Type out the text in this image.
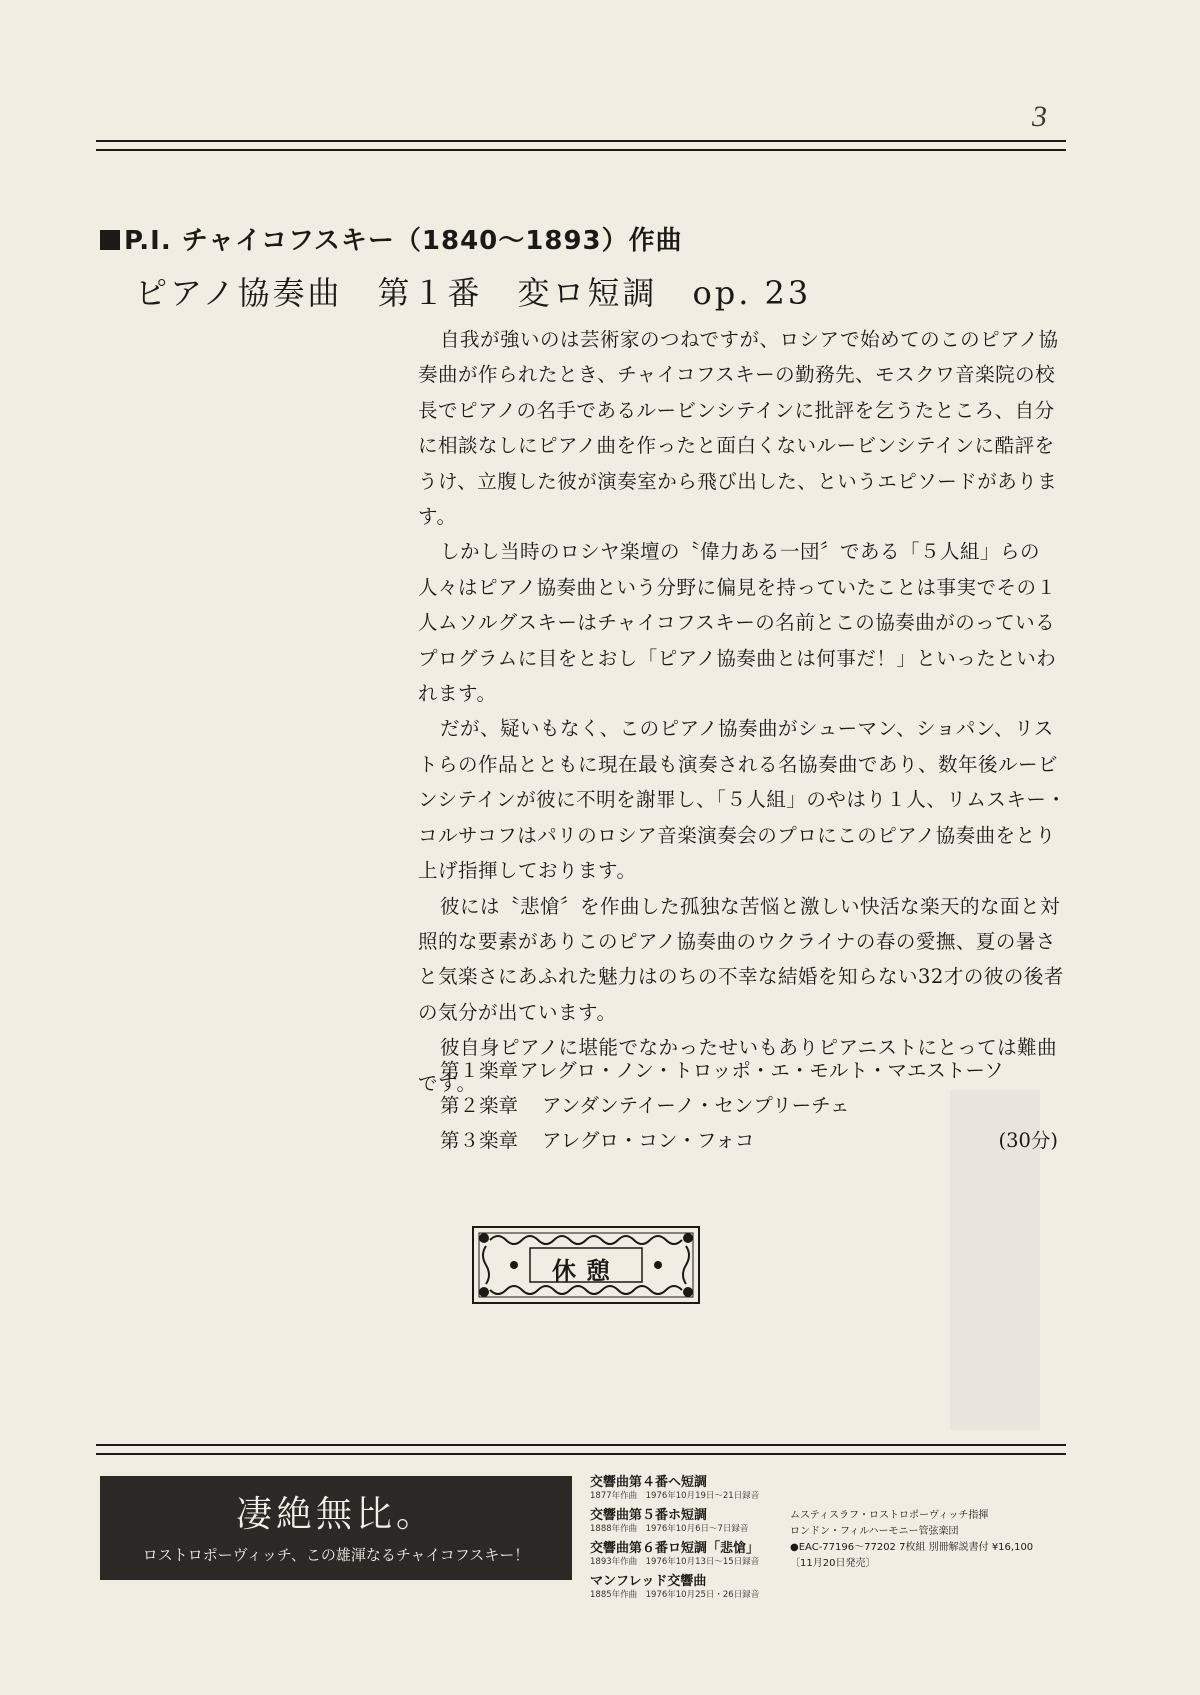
3
P.I. チャイコフスキー（1840〜1893）作曲
ピアノ協奏曲　第１番　変ロ短調　op. 23

自我が強いのは芸術家のつねですが、ロシアで始めてのこのピアノ協奏曲が作られたとき、チャイコフスキーの勤務先、モスクワ音楽院の校長でピアノの名手であるルービンシテインに批評を乞うたところ、自分に相談なしにピアノ曲を作ったと面白くないルービンシテインに酷評をうけ、立腹した彼が演奏室から飛び出した、というエピソードがあります。

しかし当時のロシヤ楽壇の〝偉力ある一団〞である「５人組」らの人々はピアノ協奏曲という分野に偏見を持っていたことは事実でその１人ムソルグスキーはチャイコフスキーの名前とこの協奏曲がのっているプログラムに目をとおし「ピアノ協奏曲とは何事だ！」といったといわれます。

だが、疑いもなく、このピアノ協奏曲がシューマン、ショパン、リストらの作品とともに現在最も演奏される名協奏曲であり、数年後ルービンシテインが彼に不明を謝罪し、「５人組」のやはり１人、リムスキー・コルサコフはパリのロシア音楽演奏会のプロにこのピアノ協奏曲をとり上げ指揮しております。

彼には〝悲愴〞を作曲した孤独な苦悩と激しい快活な楽天的な面と対照的な要素がありこのピアノ協奏曲のウクライナの春の愛撫、夏の暑さと気楽さにあふれた魅力はのちの不幸な結婚を知らない32才の彼の後者の気分が出ています。

彼自身ピアノに堪能でなかったせいもありピアニストにとっては難曲です。

第１楽章 アレグロ・ノン・トロッポ・エ・モルト・マエストーソ
第２楽章	アンダンテイーノ・センプリーチェ
第３楽章	アレグロ・コン・フォコ	(30分)
休憩
凄絶無比。
ロストロポーヴィッチ、この雄渾なるチャイコフスキー！
交響曲第４番ヘ短調
1877年作曲　1976年10月19日〜21日録音
交響曲第５番ホ短調
1888年作曲　1976年10月6日〜7日録音
交響曲第６番ロ短調「悲愴」
1893年作曲　1976年10月13日〜15日録音
マンフレッド交響曲
1885年作曲　1976年10月25日・26日録音
ムスティスラフ・ロストロポーヴィッチ指揮
ロンドン・フィルハーモニー管弦楽団
●EAC-77196〜77202 7枚組 別冊解説書付 ¥16,100
〔11月20日発売〕
